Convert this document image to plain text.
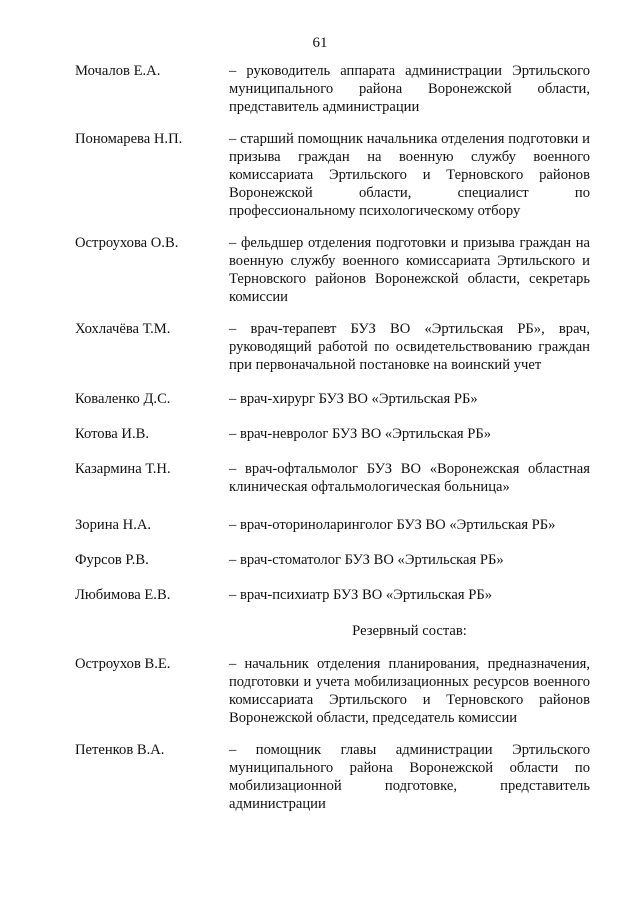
61
Мочалов Е.А.	– руководитель аппарата администрации Эртильского муниципального района Воронежской области, представитель администрации
Пономарева Н.П.	– старший помощник начальника отделения подготовки и призыва граждан на военную службу военного комиссариата Эртильского и Терновского районов Воронежской области, специалист по профессиональному психологическому отбору
Остроухова О.В.	– фельдшер отделения подготовки и призыва граждан на военную службу военного комиссариата Эртильского и Терновского районов Воронежской области, секретарь комиссии
Хохлачёва Т.М.	– врач-терапевт БУЗ ВО «Эртильская РБ», врач, руководящий работой по освидетельствованию граждан при первоначальной постановке на воинский учет
Коваленко Д.С.	– врач-хирург БУЗ ВО «Эртильская РБ»
Котова И.В.	– врач-невролог БУЗ ВО «Эртильская РБ»
Казармина Т.Н.	– врач-офтальмолог БУЗ ВО «Воронежская областная клиническая офтальмологическая больница»
Зорина Н.А.	– врач-оториноларинголог БУЗ ВО «Эртильская РБ»
Фурсов Р.В.	– врач-стоматолог БУЗ ВО «Эртильская РБ»
Любимова Е.В.	– врач-психиатр БУЗ ВО «Эртильская РБ»
Резервный состав:
Остроухов В.Е.	– начальник отделения планирования, предназначения, подготовки и учета мобилизационных ресурсов военного комиссариата Эртильского и Терновского районов Воронежской области, председатель комиссии
Петенков В.А.	– помощник главы администрации Эртильского муниципального района Воронежской области по мобилизационной подготовке, представитель администрации
